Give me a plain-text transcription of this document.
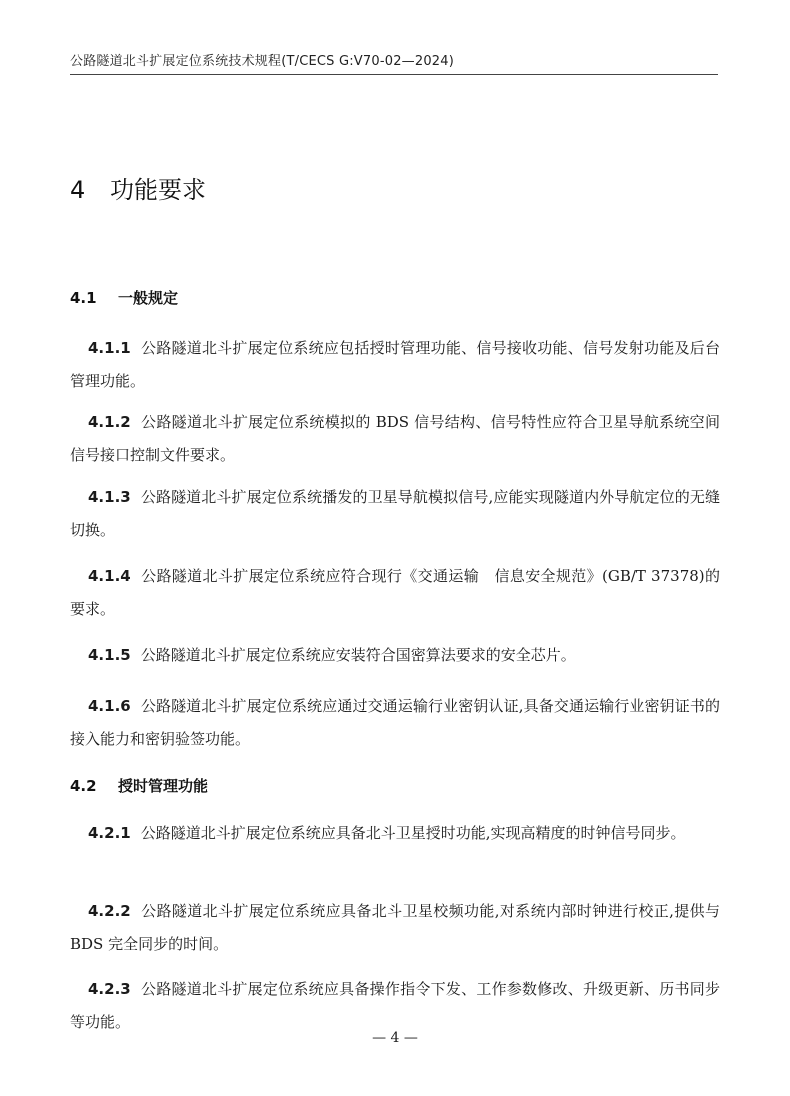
公路隧道北斗扩展定位系统技术规程(T/CECS G:V70-02—2024)
4 功能要求
4.1 一般规定
4.1.1 公路隧道北斗扩展定位系统应包括授时管理功能、信号接收功能、信号发射功能及后台管理功能。
4.1.2 公路隧道北斗扩展定位系统模拟的 BDS 信号结构、信号特性应符合卫星导航系统空间信号接口控制文件要求。
4.1.3 公路隧道北斗扩展定位系统播发的卫星导航模拟信号,应能实现隧道内外导航定位的无缝切换。
4.1.4 公路隧道北斗扩展定位系统应符合现行《交通运输　信息安全规范》(GB/T 37378)的要求。
4.1.5 公路隧道北斗扩展定位系统应安装符合国密算法要求的安全芯片。
4.1.6 公路隧道北斗扩展定位系统应通过交通运输行业密钥认证,具备交通运输行业密钥证书的接入能力和密钥验签功能。
4.2 授时管理功能
4.2.1 公路隧道北斗扩展定位系统应具备北斗卫星授时功能,实现高精度的时钟信号同步。
4.2.2 公路隧道北斗扩展定位系统应具备北斗卫星校频功能,对系统内部时钟进行校正,提供与 BDS 完全同步的时间。
4.2.3 公路隧道北斗扩展定位系统应具备操作指令下发、工作参数修改、升级更新、历书同步等功能。
— 4 —
